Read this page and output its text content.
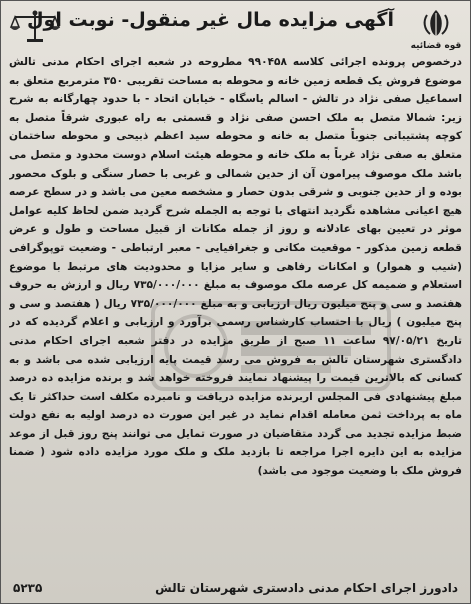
آگهی مزایده مال غیر منقول- نوبت اول
قوه قضائیه
درخصوص پرونده اجرائی کلاسه ۹۹۰۴۵۸ مطروحه در شعبه اجرای احکام مدنی تالش موضوع فروش یک قطعه زمین خانه و محوطه به مساحت تقریبی ۳۵۰ مترمربع متعلق به اسماعیل صفی نژاد در تالش - اسالم یاسگاه - خیابان اتحاد - با حدود چهارگانه به شرح زیر: شمالا متصل به ملک احسن صفی نژاد و قسمتی به راه عبوری شرقاً متصل به کوچه پشتیبانی جنوباً متصل به خانه و محوطه سید اعظم ذبیحی و محوطه ساختمان متعلق به صفی نژاد غرباً به ملک خانه و محوطه هیئت اسلام دوست محدود و متصل می باشد ملک موصوف پیرامون آن از حدین شمالی و غربی با حصار سنگی و بلوک محصور بوده و از حدین جنوبی و شرقی بدون حصار و مشخصه معین می باشد و در سطح عرصه هیچ اعیانی مشاهده نگردید انتهای با توجه به الجمله شرح گردید ضمن لحاظ کلیه عوامل موثر در تعیین بهای عادلانه و روز از جمله مکانات از قبیل مساحت و طول و عرض قطعه زمین مذکور - موقعیت مکانی و جغرافیایی - معبر ارتباطی - وضعیت توپوگرافی (شیب و هموار) و امکانات رفاهی و سایر مزایا و محدودیت های مرتبط با موضوع استعلام و ضمیمه کل عرصه ملک موصوف به مبلغ ۷۳۵/۰۰۰/۰۰۰ ریال و ارزش به حروف هفتصد و سی و پنج میلیون ریال ارزیابی و به مبلغ ۷۳۵/۰۰۰/۰۰۰ ریال ( هفتصد و سی و پنج میلیون ) ریال با احتساب کارشناس رسمی برآورد و ارزیابی و اعلام گردیده که در تاریخ ۹۷/۰۵/۲۱ ساعت ۱۱ صبح از طریق مزایده در دفتر شعبه اجرای احکام مدنی دادگستری شهرستان تالش به فروش می رسد قیمت پایه ارزیابی شده می باشد و به کسانی که بالاترین قیمت را پیشنهاد نمایند فروخته خواهد شد و برنده مزایده ده درصد مبلغ پیشنهادی فی المجلس اربرنده مزایده دریافت و نامبرده مکلف است حداکثر تا یک ماه به پرداخت ثمن معامله اقدام نماید در غیر این صورت ده درصد اولیه به نفع دولت ضبط مزایده تجدید می گردد متقاضیان در صورت تمایل می توانند پنج روز قبل از موعد مزایده به این دایره اجرا مراجعه تا بازدید ملک و ملک مورد مزایده داده شود ( ضمنا فروش ملک با وضعیت موجود می باشد)
۵۲۳۵	دادورز اجرای احکام مدنی دادستری شهرستان تالش
